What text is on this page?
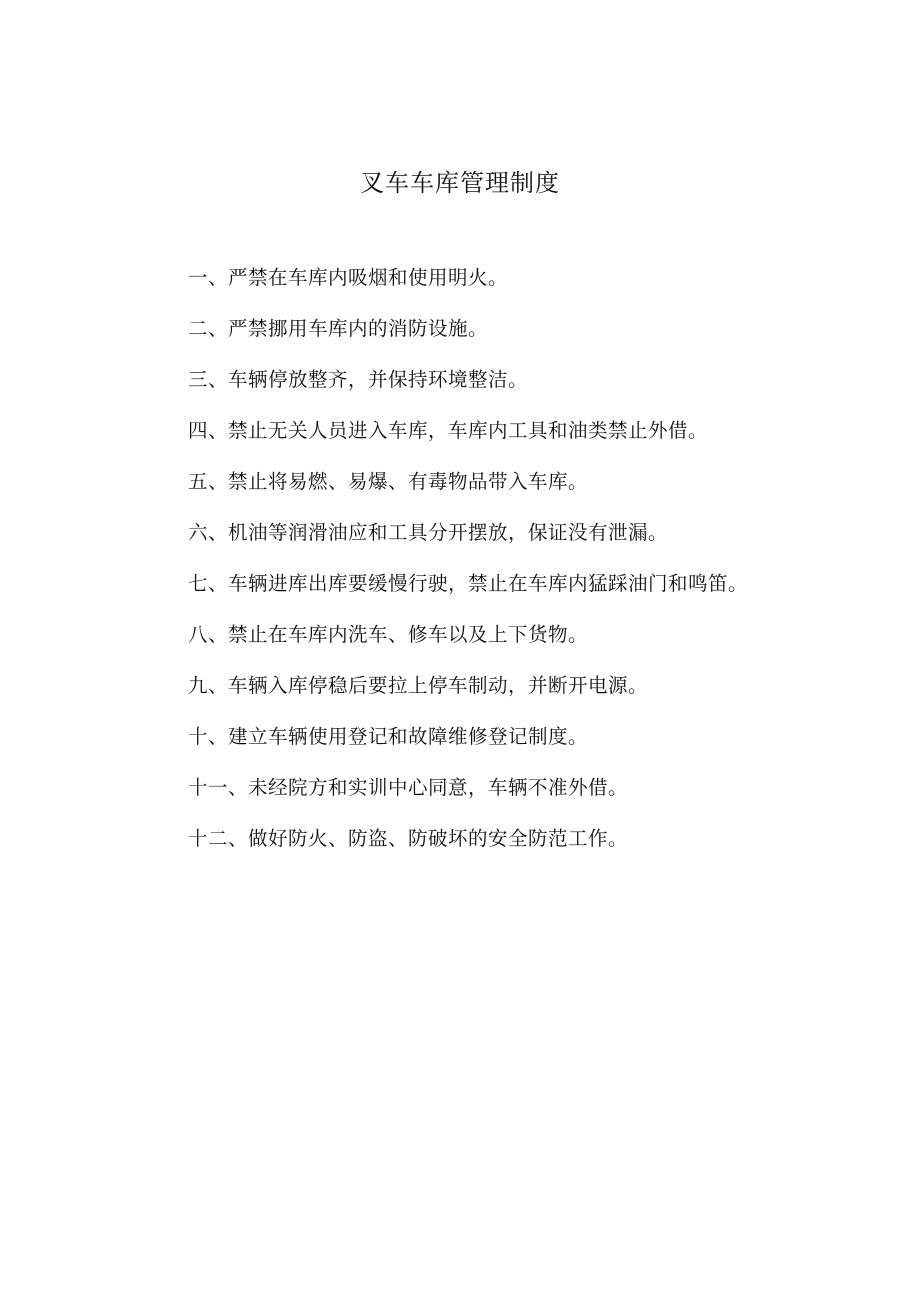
叉车车库管理制度

一、严禁在车库内吸烟和使用明火。

二、严禁挪用车库内的消防设施。

三、车辆停放整齐，并保持环境整洁。

四、禁止无关人员进入车库，车库内工具和油类禁止外借。

五、禁止将易燃、易爆、有毒物品带入车库。

六、机油等润滑油应和工具分开摆放，保证没有泄漏。

七、车辆进库出库要缓慢行驶，禁止在车库内猛踩油门和鸣笛。

八、禁止在车库内洗车、修车以及上下货物。

九、车辆入库停稳后要拉上停车制动，并断开电源。

十、建立车辆使用登记和故障维修登记制度。

十一、未经院方和实训中心同意，车辆不准外借。

十二、做好防火、防盗、防破坏的安全防范工作。
